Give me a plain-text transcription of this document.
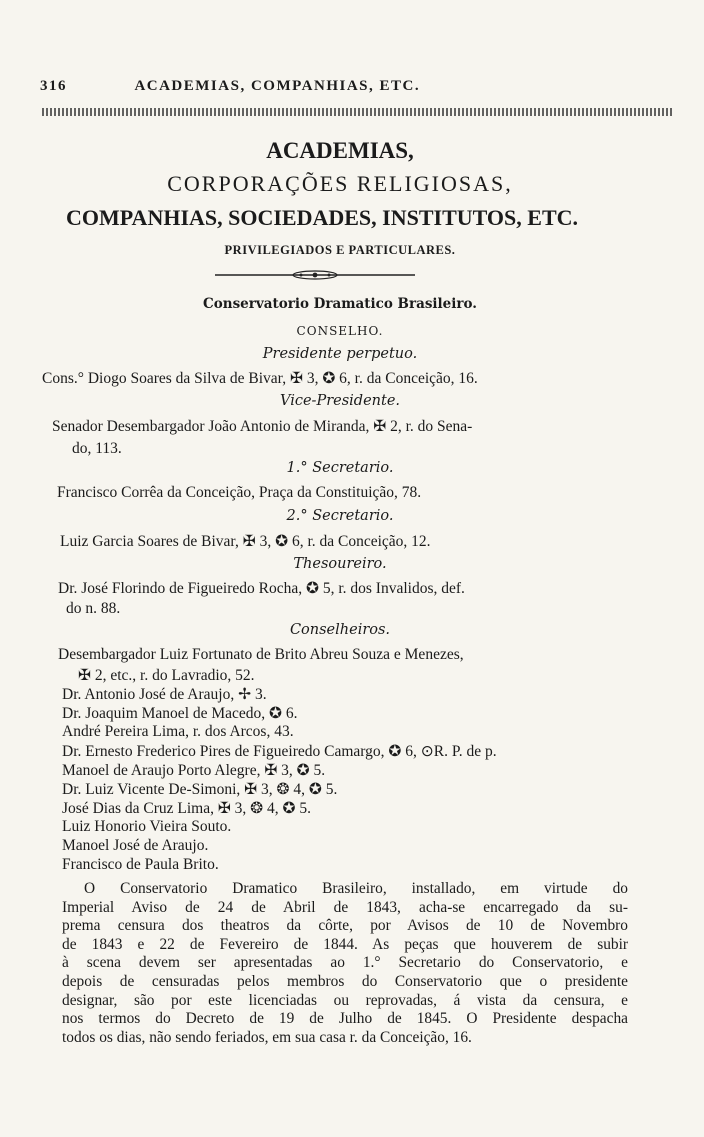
316	ACADEMIAS, COMPANHIAS, ETC.
ACADEMIAS,
CORPORAÇÕES RELIGIOSAS,
COMPANHIAS, SOCIEDADES, INSTITUTOS, ETC.
PRIVILEGIADOS E PARTICULARES.
Conservatorio Dramatico Brasileiro.
CONSELHO.
Presidente perpetuo.
Cons.° Diogo Soares da Silva de Bivar, ✠ 3, ✪ 6, r. da Conceição, 16.
Vice-Presidente.
Senador Desembargador João Antonio de Miranda, ✠ 2, r. do Sena-
do, 113.
1.° Secretario.
Francisco Corrêa da Conceição, Praça da Constituição, 78.
2.° Secretario.
Luiz Garcia Soares de Bivar, ✠ 3, ✪ 6, r. da Conceição, 12.
Thesoureiro.
Dr. José Florindo de Figueiredo Rocha, ✪ 5, r. dos Invalidos, def.
do n. 88.
Conselheiros.
Desembargador Luiz Fortunato de Brito Abreu Souza e Menezes,
✠ 2, etc., r. do Lavradio, 52.
Dr. Antonio José de Araujo, ✢ 3.
Dr. Joaquim Manoel de Macedo, ✪ 6.
André Pereira Lima, r. dos Arcos, 43.
Dr. Ernesto Frederico Pires de Figueiredo Camargo, ✪ 6, ⊙R. P. de p.
Manoel de Araujo Porto Alegre, ✠ 3, ✪ 5.
Dr. Luiz Vicente De-Simoni, ✠ 3, ❂ 4, ✪ 5.
José Dias da Cruz Lima, ✠ 3, ❂ 4, ✪ 5.
Luiz Honorio Vieira Souto.
Manoel José de Araujo.
Francisco de Paula Brito.
O Conservatorio Dramatico Brasileiro, installado, em virtude do
Imperial Aviso de 24 de Abril de 1843, acha-se encarregado da su-
prema censura dos theatros da côrte, por Avisos de 10 de Novembro
de 1843 e 22 de Fevereiro de 1844. As peças que houverem de subir
à scena devem ser apresentadas ao 1.° Secretario do Conservatorio, e
depois de censuradas pelos membros do Conservatorio que o presidente
designar, são por este licenciadas ou reprovadas, á vista da censura, e
nos termos do Decreto de 19 de Julho de 1845. O Presidente despacha
todos os dias, não sendo feriados, em sua casa r. da Conceição, 16.
